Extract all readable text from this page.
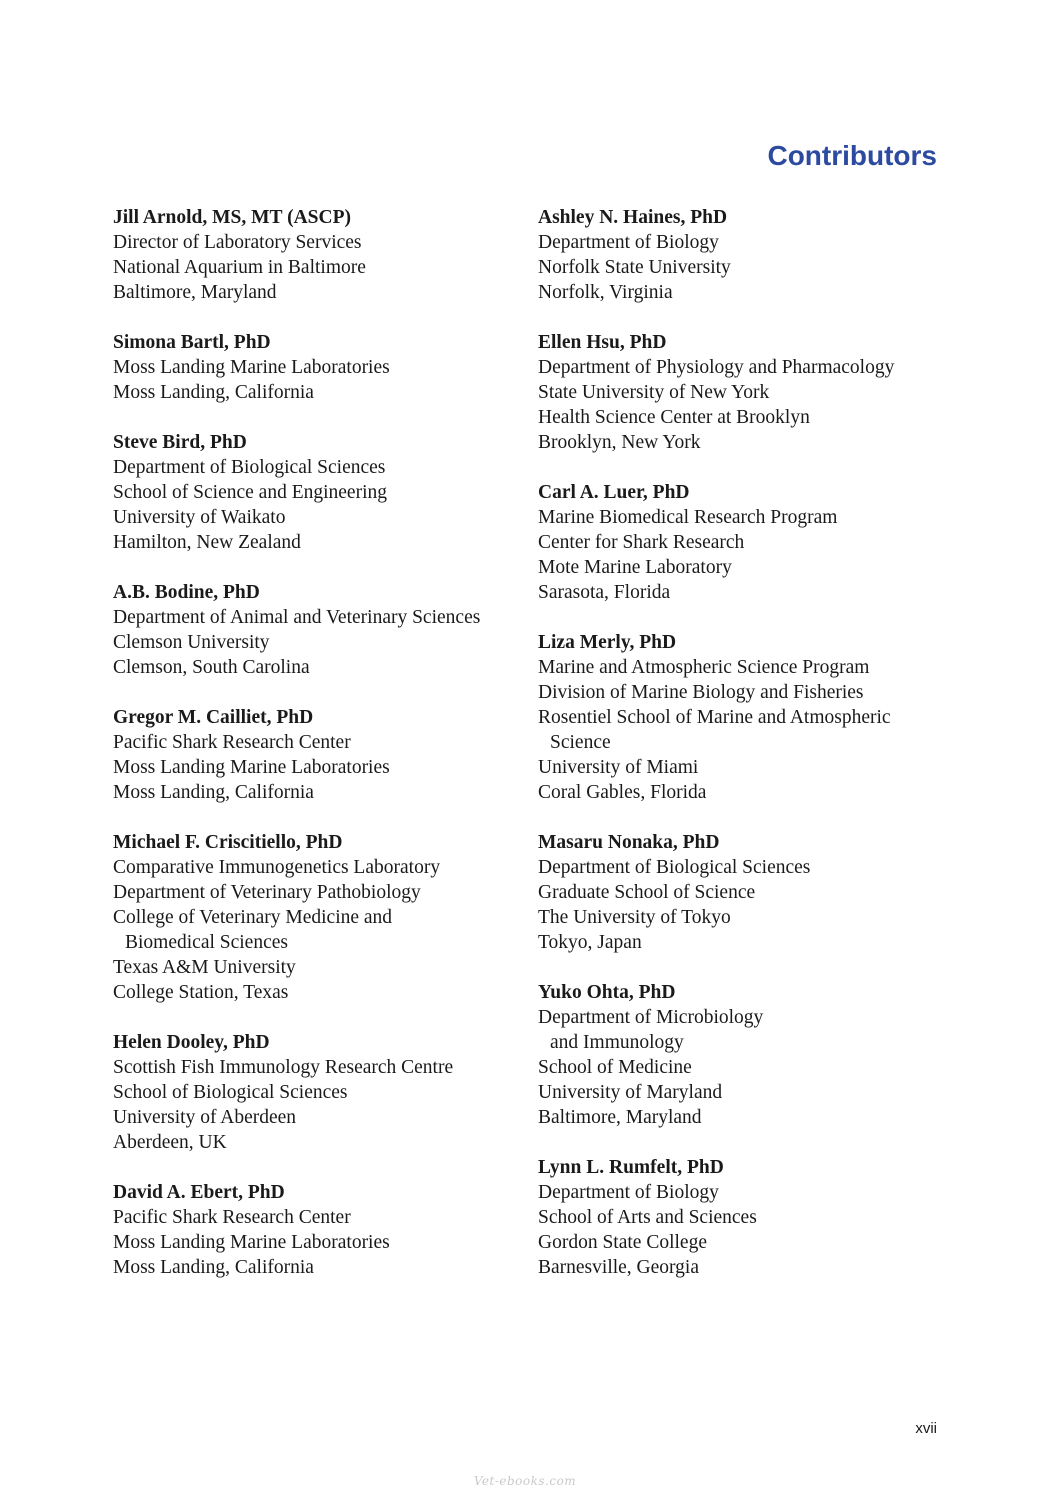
Contributors
Jill Arnold, MS, MT (ASCP)
Director of Laboratory Services
National Aquarium in Baltimore
Baltimore, Maryland
Simona Bartl, PhD
Moss Landing Marine Laboratories
Moss Landing, California
Steve Bird, PhD
Department of Biological Sciences
School of Science and Engineering
University of Waikato
Hamilton, New Zealand
A.B. Bodine, PhD
Department of Animal and Veterinary Sciences
Clemson University
Clemson, South Carolina
Gregor M. Cailliet, PhD
Pacific Shark Research Center
Moss Landing Marine Laboratories
Moss Landing, California
Michael F. Criscitiello, PhD
Comparative Immunogenetics Laboratory
Department of Veterinary Pathobiology
College of Veterinary Medicine and
Biomedical Sciences
Texas A&M University
College Station, Texas
Helen Dooley, PhD
Scottish Fish Immunology Research Centre
School of Biological Sciences
University of Aberdeen
Aberdeen, UK
David A. Ebert, PhD
Pacific Shark Research Center
Moss Landing Marine Laboratories
Moss Landing, California
Ashley N. Haines, PhD
Department of Biology
Norfolk State University
Norfolk, Virginia
Ellen Hsu, PhD
Department of Physiology and Pharmacology
State University of New York
Health Science Center at Brooklyn
Brooklyn, New York
Carl A. Luer, PhD
Marine Biomedical Research Program
Center for Shark Research
Mote Marine Laboratory
Sarasota, Florida
Liza Merly, PhD
Marine and Atmospheric Science Program
Division of Marine Biology and Fisheries
Rosentiel School of Marine and Atmospheric
Science
University of Miami
Coral Gables, Florida
Masaru Nonaka, PhD
Department of Biological Sciences
Graduate School of Science
The University of Tokyo
Tokyo, Japan
Yuko Ohta, PhD
Department of Microbiology
and Immunology
School of Medicine
University of Maryland
Baltimore, Maryland
Lynn L. Rumfelt, PhD
Department of Biology
School of Arts and Sciences
Gordon State College
Barnesville, Georgia
xvii
Vet-ebooks.com
